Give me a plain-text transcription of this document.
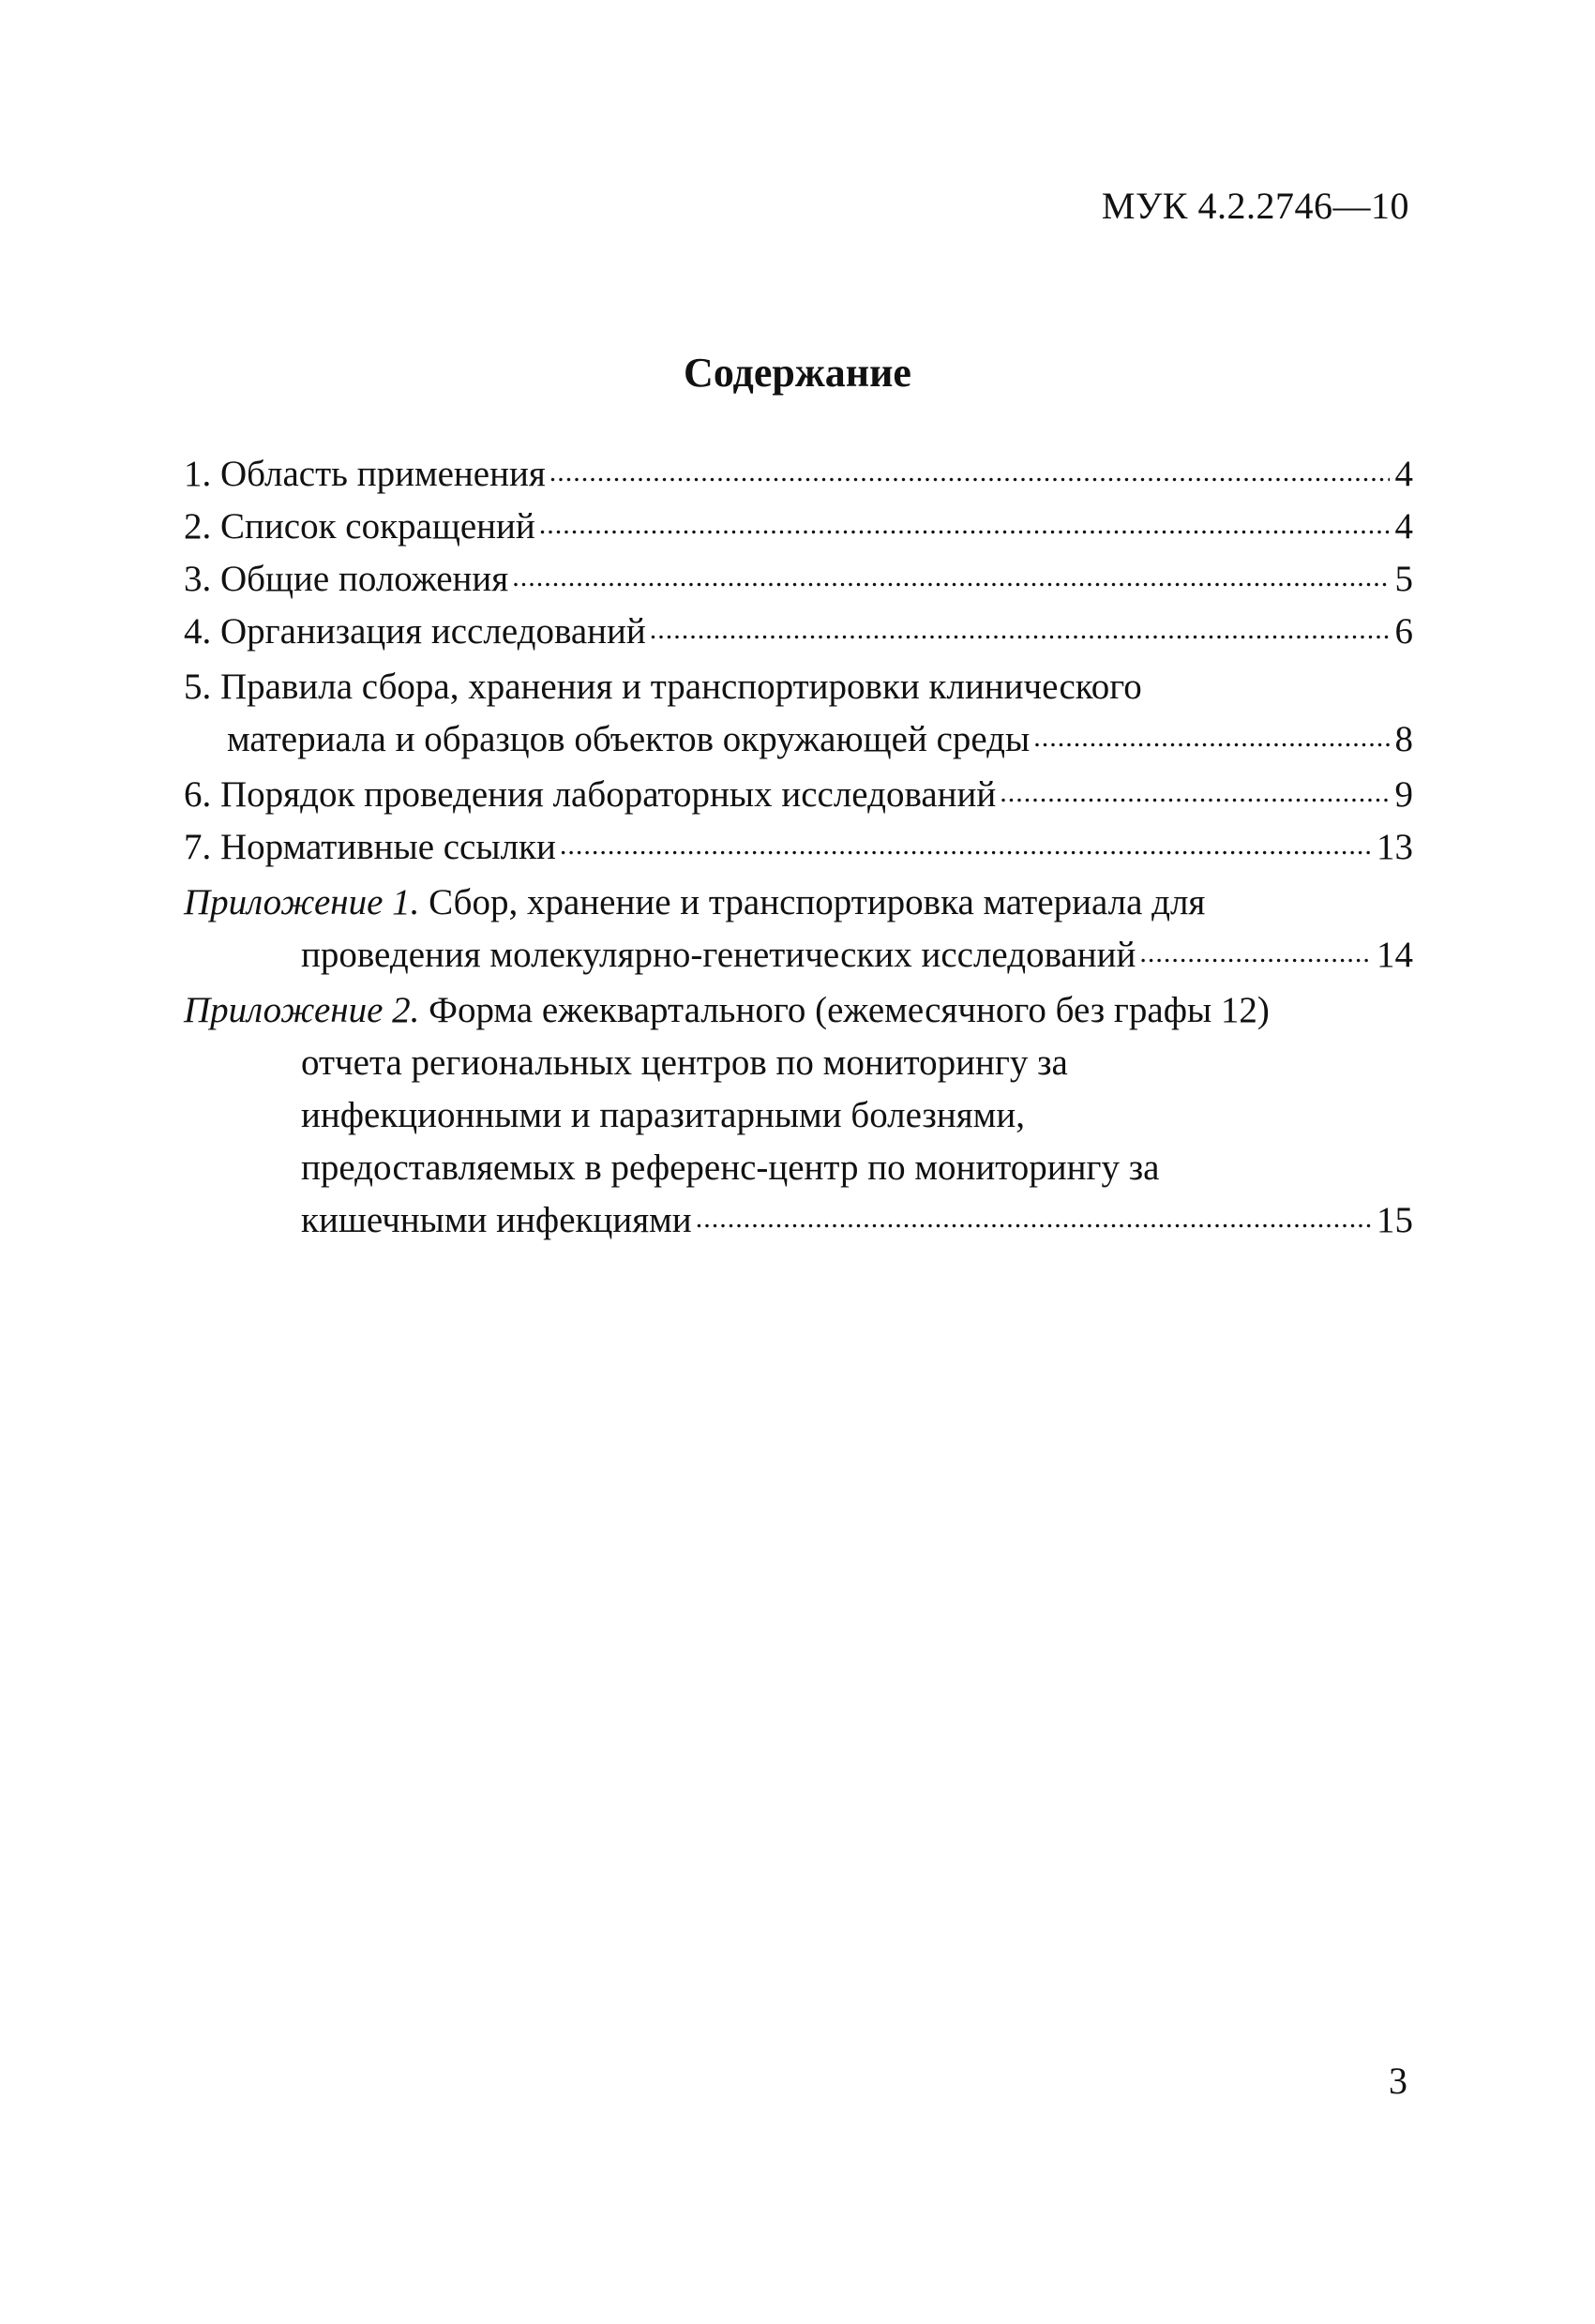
МУК 4.2.2746—10
Содержание
1. Область применения .....	4
2. Список сокращений .....	4
3. Общие положения .....	5
4. Организация исследований .....	6
5. Правила сбора, хранения и транспортировки клинического
материала и образцов объектов окружающей среды .....	8
6. Порядок проведения лабораторных исследований .....	9
7. Нормативные ссылки .....	13
Приложение 1. Сбор, хранение и транспортировка материала для
проведения молекулярно-генетических исследований .....	14
Приложение 2. Форма ежеквартального (ежемесячного без графы 12)
отчета региональных центров по мониторингу за
инфекционными и паразитарными болезнями,
предоставляемых в референс-центр по мониторингу за
кишечными инфекциями .....	15
3
